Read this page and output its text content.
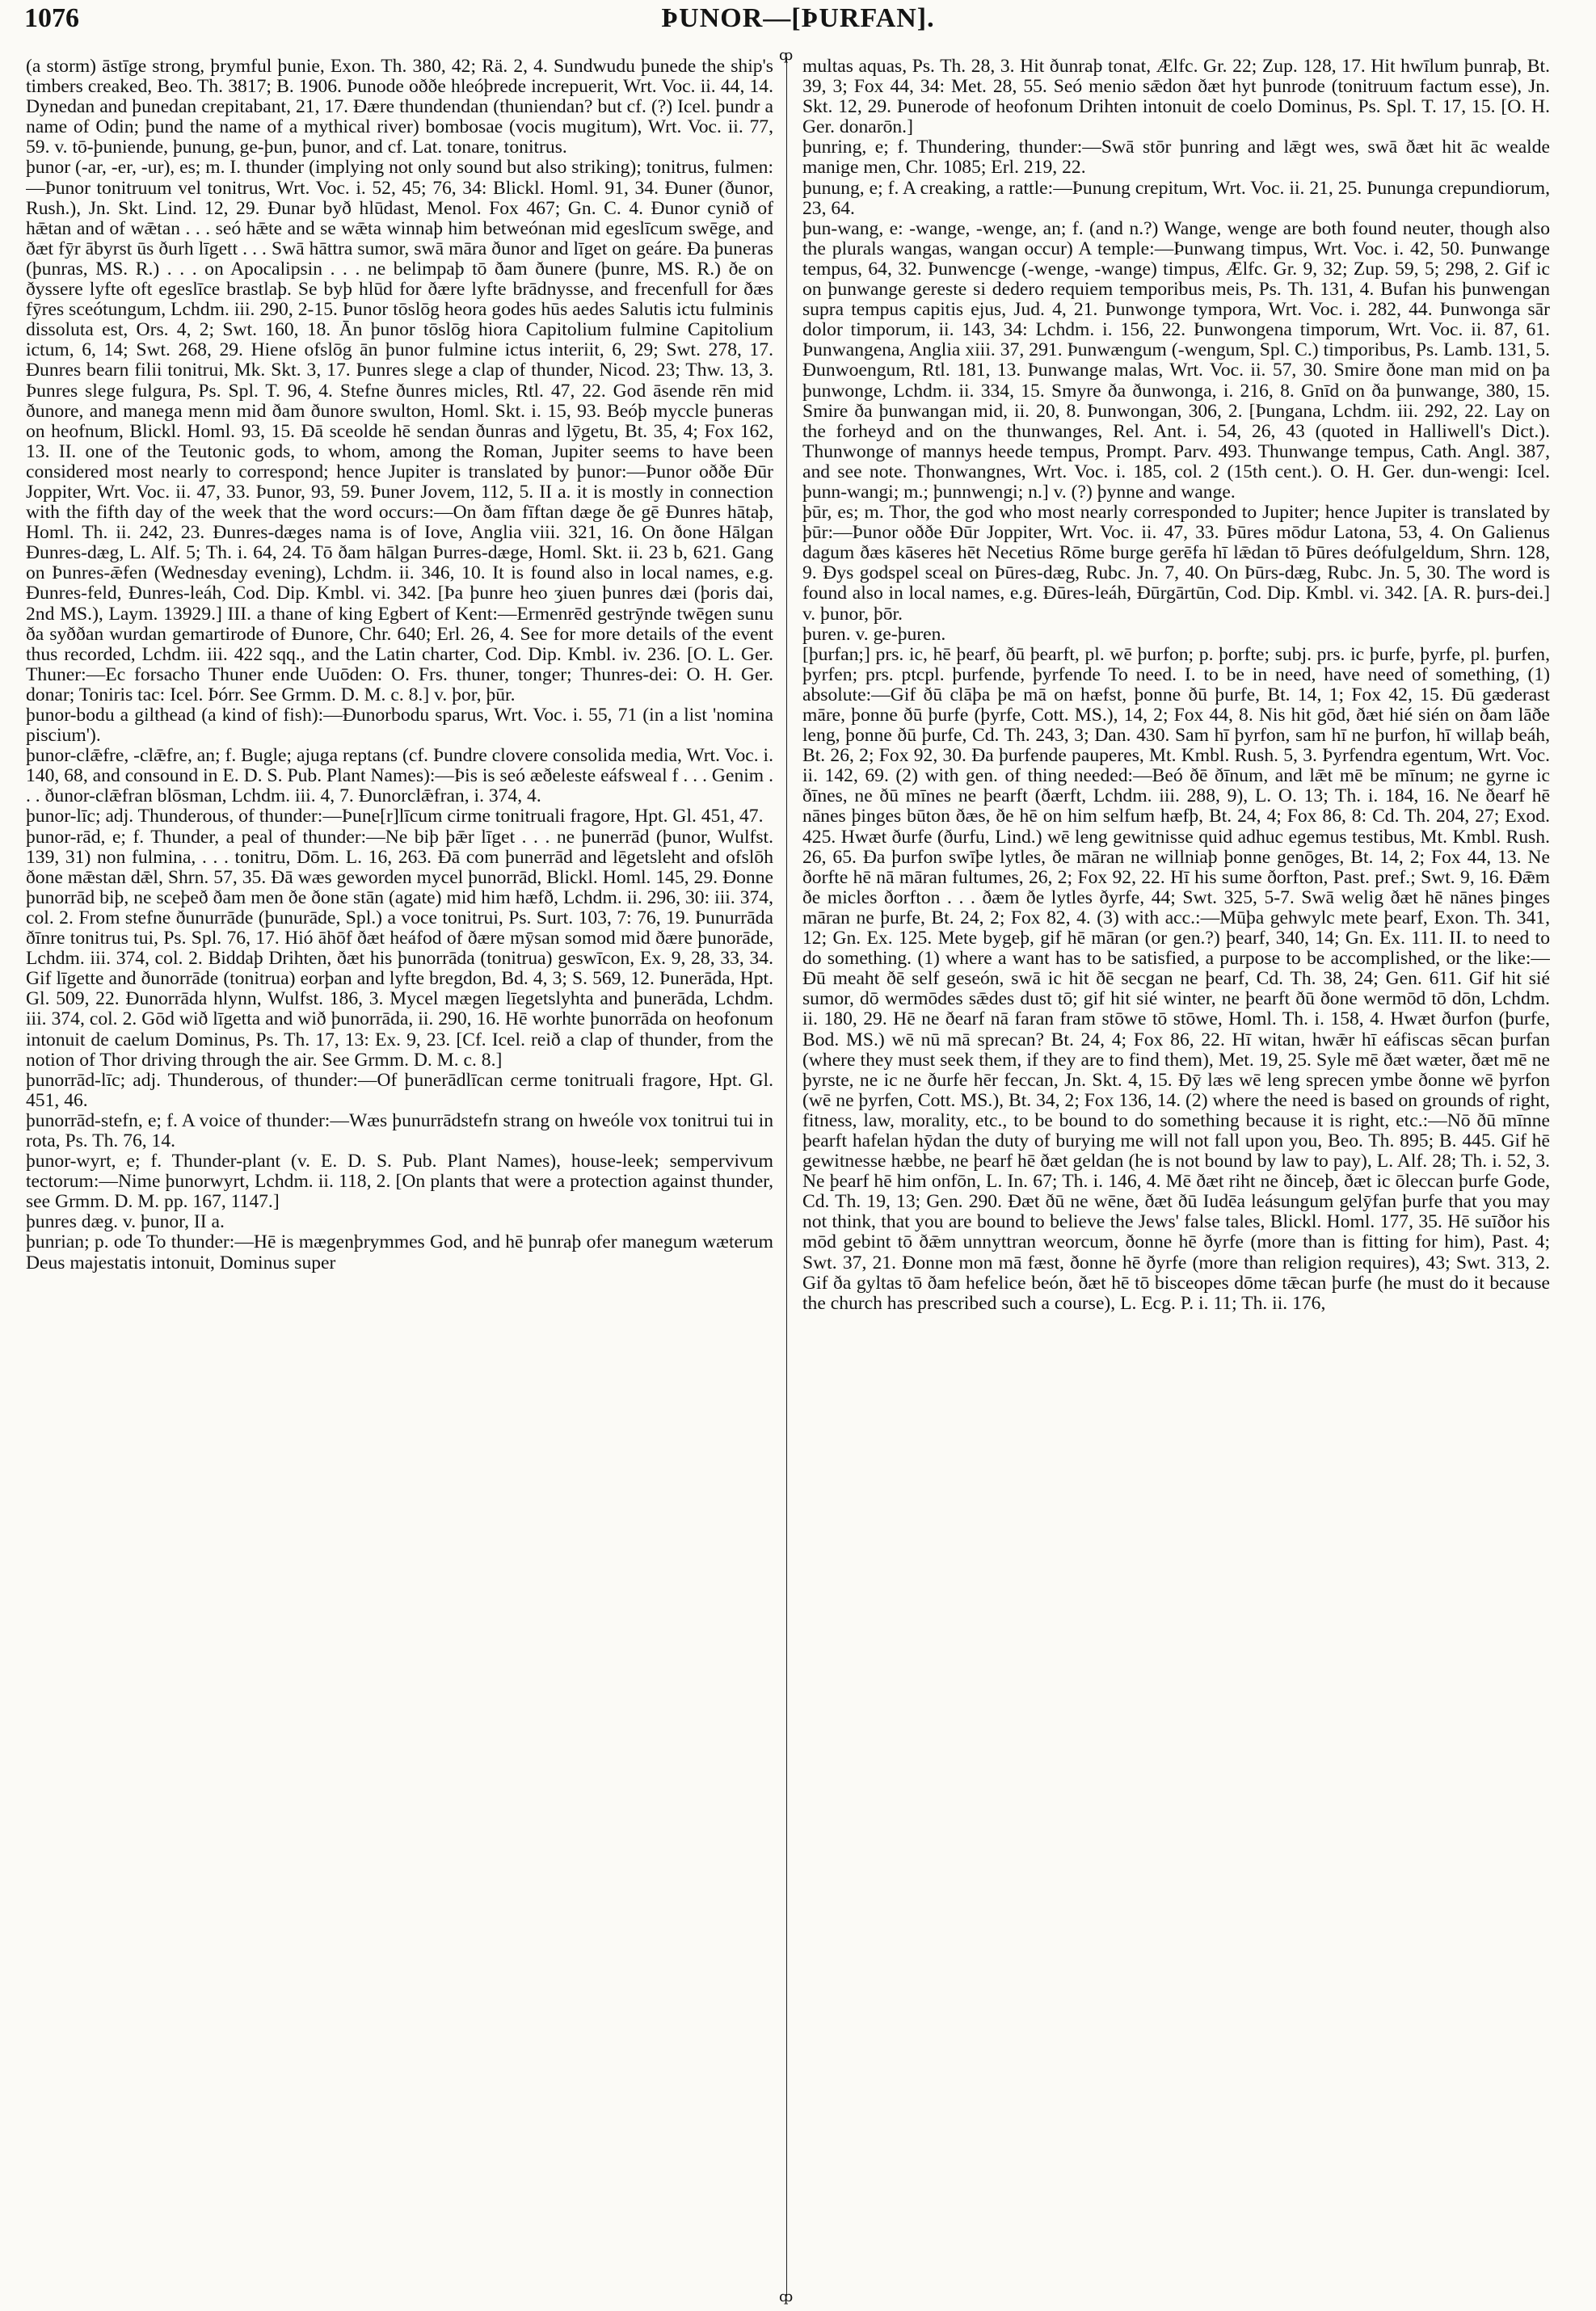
1076	ÞUNOR—[ÞURFAN].
ȹ
ȹ

(a storm) āstīge strong, þrymful þunie, Exon. Th. 380, 42; Rä. 2, 4. Sundwudu þunede the ship's timbers creaked, Beo. Th. 3817; B. 1906. Þunode oððe hleóþrede increpuerit, Wrt. Voc. ii. 44, 14. Dynedan and þunedan crepitabant, 21, 17. Ðære thundendan (thuniendan? but cf. (?) Icel. þundr a name of Odin; þund the name of a mythical river) bombosae (vocis mugitum), Wrt. Voc. ii. 77, 59. v. tō-þuniende, þunung, ge-þun, þunor, and cf. Lat. tonare, tonitrus.

þunor (-ar, -er, -ur), es; m. I. thunder (implying not only sound but also striking); tonitrus, fulmen:—Þunor tonitruum vel tonitrus, Wrt. Voc. i. 52, 45; 76, 34: Blickl. Homl. 91, 34. Ðuner (ðunor, Rush.), Jn. Skt. Lind. 12, 29. Ðunar byð hlūdast, Menol. Fox 467; Gn. C. 4. Ðunor cynið of hǣtan and of wǣtan . . . seó hǣte and se wǣta winnaþ him betweónan mid egeslīcum swēge, and ðæt fȳr ābyrst ūs ðurh līgett . . . Swā hāttra sumor, swā māra ðunor and līget on geáre. Ða þuneras (þunras, MS. R.) . . . on Apocalipsin . . . ne belimpaþ tō ðam ðunere (þunre, MS. R.) ðe on ðyssere lyfte oft egeslīce brastlaþ. Se byþ hlūd for ðære lyfte brādnysse, and frecenfull for ðæs fȳres sceótungum, Lchdm. iii. 290, 2-15. Þunor tōslōg heora godes hūs aedes Salutis ictu fulminis dissoluta est, Ors. 4, 2; Swt. 160, 18. Ān þunor tōslōg hiora Capitolium fulmine Capitolium ictum, 6, 14; Swt. 268, 29. Hiene ofslōg ān þunor fulmine ictus interiit, 6, 29; Swt. 278, 17. Ðunres bearn filii tonitrui, Mk. Skt. 3, 17. Þunres slege a clap of thunder, Nicod. 23; Thw. 13, 3. Þunres slege fulgura, Ps. Spl. T. 96, 4. Stefne ðunres micles, Rtl. 47, 22. God āsende rēn mid ðunore, and manega menn mid ðam ðunore swulton, Homl. Skt. i. 15, 93. Beóþ myccle þuneras on heofnum, Blickl. Homl. 93, 15. Ðā sceolde hē sendan ðunras and lȳgetu, Bt. 35, 4; Fox 162, 13. II. one of the Teutonic gods, to whom, among the Roman, Jupiter seems to have been considered most nearly to correspond; hence Jupiter is translated by þunor:—Þunor oððe Ðūr Joppiter, Wrt. Voc. ii. 47, 33. Þunor, 93, 59. Þuner Jovem, 112, 5. II a. it is mostly in connection with the fifth day of the week that the word occurs:—On ðam fīftan dæge ðe gē Ðunres hātaþ, Homl. Th. ii. 242, 23. Ðunres-dæges nama is of Iove, Anglia viii. 321, 16. On ðone Hālgan Ðunres-dæg, L. Alf. 5; Th. i. 64, 24. Tō ðam hālgan Þurres-dæge, Homl. Skt. ii. 23 b, 621. Gang on Þunres-ǣfen (Wednesday evening), Lchdm. ii. 346, 10. It is found also in local names, e.g. Ðunres-feld, Ðunres-leáh, Cod. Dip. Kmbl. vi. 342. [Þa þunre heo ʒiuen þunres dæi (þoris dai, 2nd MS.), Laym. 13929.] III. a thane of king Egbert of Kent:—Ermenrēd gestrȳnde twēgen sunu ða syððan wurdan gemartirode of Ðunore, Chr. 640; Erl. 26, 4. See for more details of the event thus recorded, Lchdm. iii. 422 sqq., and the Latin charter, Cod. Dip. Kmbl. iv. 236. [O. L. Ger. Thuner:—Ec forsacho Thuner ende Uuōden: O. Frs. thuner, tonger; Thunres-dei: O. H. Ger. donar; Toniris tac: Icel. Þórr. See Grmm. D. M. c. 8.] v. þor, þūr.

þunor-bodu a gilthead (a kind of fish):—Ðunorbodu sparus, Wrt. Voc. i. 55, 71 (in a list 'nomina piscium').

þunor-clǣfre, -clǣfre, an; f. Bugle; ajuga reptans (cf. Þundre clovere consolida media, Wrt. Voc. i. 140, 68, and consound in E. D. S. Pub. Plant Names):—Þis is seó æðeleste eáfsweal f . . . Genim . . . ðunor-clǣfran blōsman, Lchdm. iii. 4, 7. Ðunorclǣfran, i. 374, 4.

þunor-līc; adj. Thunderous, of thunder:—Þune[r]līcum cirme tonitruali fragore, Hpt. Gl. 451, 47.

þunor-rād, e; f. Thunder, a peal of thunder:—Ne biþ þǣr līget . . . ne þunerrād (þunor, Wulfst. 139, 31) non fulmina, . . . tonitru, Dōm. L. 16, 263. Ðā com þunerrād and lēgetsleht and ofslōh ðone mǣstan dǣl, Shrn. 57, 35. Ðā wæs geworden mycel þunorrād, Blickl. Homl. 145, 29. Ðonne þunorrād biþ, ne sceþeð ðam men ðe ðone stān (agate) mid him hæfð, Lchdm. ii. 296, 30: iii. 374, col. 2. From stefne ðunurrāde (þunurāde, Spl.) a voce tonitrui, Ps. Surt. 103, 7: 76, 19. Þunurrāda ðīnre tonitrus tui, Ps. Spl. 76, 17. Hió āhōf ðæt heáfod of ðære mȳsan somod mid ðære þunorāde, Lchdm. iii. 374, col. 2. Biddaþ Drihten, ðæt his þunorrāda (tonitrua) geswīcon, Ex. 9, 28, 33, 34. Gif līgette and ðunorrāde (tonitrua) eorþan and lyfte bregdon, Bd. 4, 3; S. 569, 12. Þunerāda, Hpt. Gl. 509, 22. Ðunorrāda hlynn, Wulfst. 186, 3. Mycel mægen līegetslyhta and þunerāda, Lchdm. iii. 374, col. 2. Gōd wið līgetta and wið þunorrāda, ii. 290, 16. Hē worhte þunorrāda on heofonum intonuit de caelum Dominus, Ps. Th. 17, 13: Ex. 9, 23. [Cf. Icel. reið a clap of thunder, from the notion of Thor driving through the air. See Grmm. D. M. c. 8.]

þunorrād-līc; adj. Thunderous, of thunder:—Of þunerādlīcan cerme tonitruali fragore, Hpt. Gl. 451, 46.

þunorrād-stefn, e; f. A voice of thunder:—Wæs þunurrādstefn strang on hweóle vox tonitrui tui in rota, Ps. Th. 76, 14.

þunor-wyrt, e; f. Thunder-plant (v. E. D. S. Pub. Plant Names), house-leek; sempervivum tectorum:—Nime þunorwyrt, Lchdm. ii. 118, 2. [On plants that were a protection against thunder, see Grmm. D. M. pp. 167, 1147.]

þunres dæg. v. þunor, II a.

þunrian; p. ode To thunder:—Hē is mægenþrymmes God, and hē þunraþ ofer manegum wæterum Deus majestatis intonuit, Dominus super

multas aquas, Ps. Th. 28, 3. Hit ðunraþ tonat, Ælfc. Gr. 22; Zup. 128, 17. Hit hwīlum þunraþ, Bt. 39, 3; Fox 44, 34: Met. 28, 55. Seó menio sǣdon ðæt hyt þunrode (tonitruum factum esse), Jn. Skt. 12, 29. Þunerode of heofonum Drihten intonuit de coelo Dominus, Ps. Spl. T. 17, 15. [O. H. Ger. donarōn.]

þunring, e; f. Thundering, thunder:—Swā stōr þunring and lǣgt wes, swā ðæt hit āc wealde manige men, Chr. 1085; Erl. 219, 22.

þunung, e; f. A creaking, a rattle:—Þunung crepitum, Wrt. Voc. ii. 21, 25. Þununga crepundiorum, 23, 64.

þun-wang, e: -wange, -wenge, an; f. (and n.?) Wange, wenge are both found neuter, though also the plurals wangas, wangan occur) A temple:—Þunwang timpus, Wrt. Voc. i. 42, 50. Þunwange tempus, 64, 32. Þunwencge (-wenge, -wange) timpus, Ælfc. Gr. 9, 32; Zup. 59, 5; 298, 2. Gif ic on þunwange gereste si dedero requiem temporibus meis, Ps. Th. 131, 4. Bufan his þunwengan supra tempus capitis ejus, Jud. 4, 21. Þunwonge tympora, Wrt. Voc. i. 282, 44. Þunwonga sār dolor timporum, ii. 143, 34: Lchdm. i. 156, 22. Þunwongena timporum, Wrt. Voc. ii. 87, 61. Þunwangena, Anglia xiii. 37, 291. Þunwængum (-wengum, Spl. C.) timporibus, Ps. Lamb. 131, 5. Ðunwoengum, Rtl. 181, 13. Þunwange malas, Wrt. Voc. ii. 57, 30. Smire ðone man mid on þa þunwonge, Lchdm. ii. 334, 15. Smyre ða ðunwonga, i. 216, 8. Gnīd on ða þunwange, 380, 15. Smire ða þunwangan mid, ii. 20, 8. Þunwongan, 306, 2. [Þungana, Lchdm. iii. 292, 22. Lay on the forheyd and on the thunwanges, Rel. Ant. i. 54, 26, 43 (quoted in Halliwell's Dict.). Thunwonge of mannys heede tempus, Prompt. Parv. 493. Thunwange tempus, Cath. Angl. 387, and see note. Thonwangnes, Wrt. Voc. i. 185, col. 2 (15th cent.). O. H. Ger. dun-wengi: Icel. þunn-wangi; m.; þunnwengi; n.] v. (?) þynne and wange.

þūr, es; m. Thor, the god who most nearly corresponded to Jupiter; hence Jupiter is translated by þūr:—Þunor oððe Ðūr Joppiter, Wrt. Voc. ii. 47, 33. Þūres mōdur Latona, 53, 4. On Galienus dagum ðæs kāseres hēt Necetius Rōme burge gerēfa hī lǣdan tō Þūres deófulgeldum, Shrn. 128, 9. Ðys godspel sceal on Þūres-dæg, Rubc. Jn. 7, 40. On Þūrs-dæg, Rubc. Jn. 5, 30. The word is found also in local names, e.g. Ðūres-leáh, Ðūrgārtūn, Cod. Dip. Kmbl. vi. 342. [A. R. þurs-dei.] v. þunor, þōr.

þuren. v. ge-þuren.

[þurfan;] prs. ic, hē þearf, ðū þearft, pl. wē þurfon; p. þorfte; subj. prs. ic þurfe, þyrfe, pl. þurfen, þyrfen; prs. ptcpl. þurfende, þyrfende To need. I. to be in need, have need of something, (1) absolute:—Gif ðū clāþa þe mā on hæfst, þonne ðū þurfe, Bt. 14, 1; Fox 42, 15. Ðū gæderast māre, þonne ðū þurfe (þyrfe, Cott. MS.), 14, 2; Fox 44, 8. Nis hit gōd, ðæt hié sién on ðam lāðe leng, þonne ðū þurfe, Cd. Th. 243, 3; Dan. 430. Sam hī þyrfon, sam hī ne þurfon, hī willaþ beáh, Bt. 26, 2; Fox 92, 30. Ða þurfende pauperes, Mt. Kmbl. Rush. 5, 3. Þyrfendra egentum, Wrt. Voc. ii. 142, 69. (2) with gen. of thing needed:—Beó ðē ðīnum, and lǣt mē be mīnum; ne gyrne ic ðīnes, ne ðū mīnes ne þearft (ðærft, Lchdm. iii. 288, 9), L. O. 13; Th. i. 184, 16. Ne ðearf hē nānes þinges būton ðæs, ðe hē on him selfum hæfþ, Bt. 24, 4; Fox 86, 8: Cd. Th. 204, 27; Exod. 425. Hwæt ðurfe (ðurfu, Lind.) wē leng gewitnisse quid adhuc egemus testibus, Mt. Kmbl. Rush. 26, 65. Ða þurfon swīþe lytles, ðe māran ne willniaþ þonne genōges, Bt. 14, 2; Fox 44, 13. Ne ðorfte hē nā māran fultumes, 26, 2; Fox 92, 22. Hī his sume ðorfton, Past. pref.; Swt. 9, 16. Ðǣm ðe micles ðorfton . . . ðæm ðe lytles ðyrfe, 44; Swt. 325, 5-7. Swā welig ðæt hē nānes þinges māran ne þurfe, Bt. 24, 2; Fox 82, 4. (3) with acc.:—Mūþa gehwylc mete þearf, Exon. Th. 341, 12; Gn. Ex. 125. Mete bygeþ, gif hē māran (or gen.?) þearf, 340, 14; Gn. Ex. 111. II. to need to do something. (1) where a want has to be satisfied, a purpose to be accomplished, or the like:—Ðū meaht ðē self geseón, swā ic hit ðē secgan ne þearf, Cd. Th. 38, 24; Gen. 611. Gif hit sié sumor, dō wermōdes sǣdes dust tō; gif hit sié winter, ne þearft ðū ðone wermōd tō dōn, Lchdm. ii. 180, 29. Hē ne ðearf nā faran fram stōwe tō stōwe, Homl. Th. i. 158, 4. Hwæt ðurfon (þurfe, Bod. MS.) wē nū mā sprecan? Bt. 24, 4; Fox 86, 22. Hī witan, hwǣr hī eáfiscas sēcan þurfan (where they must seek them, if they are to find them), Met. 19, 25. Syle mē ðæt wæter, ðæt mē ne þyrste, ne ic ne ðurfe hēr feccan, Jn. Skt. 4, 15. Ðȳ læs wē leng sprecen ymbe ðonne wē þyrfon (wē ne þyrfen, Cott. MS.), Bt. 34, 2; Fox 136, 14. (2) where the need is based on grounds of right, fitness, law, morality, etc., to be bound to do something because it is right, etc.:—Nō ðū mīnne þearft hafelan hȳdan the duty of burying me will not fall upon you, Beo. Th. 895; B. 445. Gif hē gewitnesse hæbbe, ne þearf hē ðæt geldan (he is not bound by law to pay), L. Alf. 28; Th. i. 52, 3. Ne þearf hē him onfōn, L. In. 67; Th. i. 146, 4. Mē ðæt riht ne ðinceþ, ðæt ic ōleccan þurfe Gode, Cd. Th. 19, 13; Gen. 290. Ðæt ðū ne wēne, ðæt ðū Iudēa leásungum gelȳfan þurfe that you may not think, that you are bound to believe the Jews' false tales, Blickl. Homl. 177, 35. Hē suīðor his mōd gebint tō ðǣm unnyttran weorcum, ðonne hē ðyrfe (more than is fitting for him), Past. 4; Swt. 37, 21. Ðonne mon mā fæst, ðonne hē ðyrfe (more than religion requires), 43; Swt. 313, 2. Gif ða gyltas tō ðam hefelice beón, ðæt hē tō bisceopes dōme tǣcan þurfe (he must do it because the church has prescribed such a course), L. Ecg. P. i. 11; Th. ii. 176,
